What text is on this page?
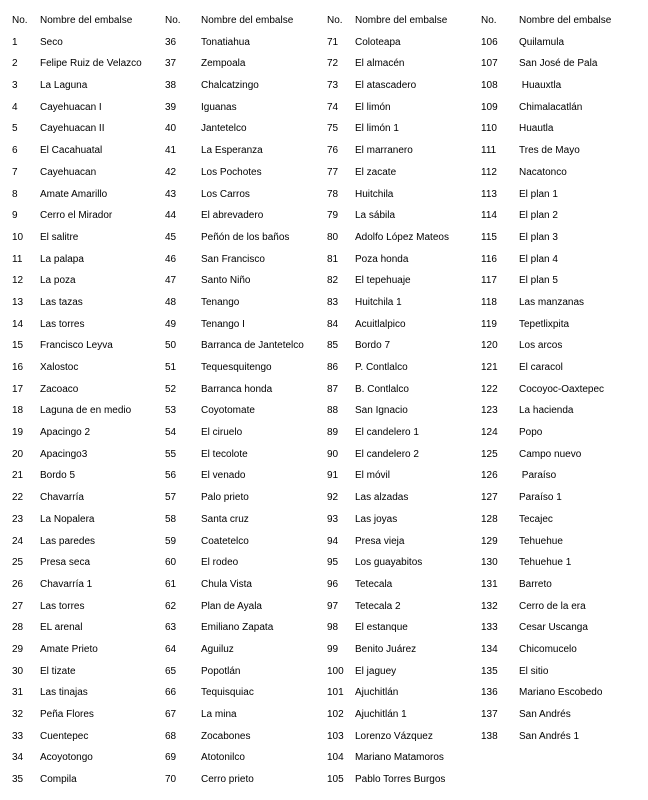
No.	Nombre del embalse
1	Seco
2	Felipe Ruiz de Velazco
3	La Laguna
4	Cayehuacan I
5	Cayehuacan II
6	El Cacahuatal
7	Cayehuacan
8	Amate Amarillo
9	Cerro el Mirador
10	El salitre
11	La palapa
12	La poza
13	Las tazas
14	Las torres
15	Francisco Leyva
16	Xalostoc
17	Zacoaco
18	Laguna de en medio
19	Apacingo 2
20	Apacingo3
21	Bordo 5
22	Chavarría
23	La Nopalera
24	Las paredes
25	Presa seca
26	Chavarría 1
27	Las torres
28	EL arenal
29	Amate Prieto
30	El tizate
31	Las tinajas
32	Peña Flores
33	Cuentepec
34	Acoyotongo
35	Compila
No.	Nombre del embalse
36	Tonatiahua
37	Zempoala
38	Chalcatzingo
39	Iguanas
40	Jantetelco
41	La Esperanza
42	Los Pochotes
43	Los Carros
44	El abrevadero
45	Peñón de los baños
46	San Francisco
47	Santo Niño
48	Tenango
49	Tenango I
50	Barranca de Jantetelco
51	Tequesquitengo
52	Barranca honda
53	Coyotomate
54	El ciruelo
55	El tecolote
56	El venado
57	Palo prieto
58	Santa cruz
59	Coatetelco
60	El rodeo
61	Chula Vista
62	Plan de Ayala
63	Emiliano Zapata
64	Aguiluz
65	Popotlán
66	Tequisquiac
67	La mina
68	Zocabones
69	Atotonilco
70	Cerro prieto
No.	Nombre del embalse
71	Coloteapa
72	El almacén
73	El atascadero
74	El limón
75	El limón 1
76	El marranero
77	El zacate
78	Huitchila
79	La sábila
80	Adolfo López Mateos
81	Poza honda
82	El tepehuaje
83	Huitchila 1
84	Acuitlalpico
85	Bordo 7
86	P. Contlalco
87	B. Contlalco
88	San Ignacio
89	El candelero 1
90	El candelero 2
91	El móvil
92	Las alzadas
93	Las joyas
94	Presa vieja
95	Los guayabitos
96	Tetecala
97	Tetecala 2
98	El estanque
99	Benito Juárez
100	El jaguey
101	Ajuchitlán
102	Ajuchitlán 1
103	Lorenzo Vázquez
104	Mariano Matamoros
105	Pablo Torres Burgos
No.	Nombre del embalse
106	Quilamula
107	San José de Pala
108	Huauxtla
109	Chimalacatlán
110	Huautla
111	Tres de Mayo
112	Nacatonco
113	El plan 1
114	El plan 2
115	El plan 3
116	El plan 4
117	El plan 5
118	Las manzanas
119	Tepetlixpita
120	Los arcos
121	El caracol
122	Cocoyoc-Oaxtepec
123	La hacienda
124	Popo
125	Campo nuevo
126	Paraíso
127	Paraíso 1
128	Tecajec
129	Tehuehue
130	Tehuehue 1
131	Barreto
132	Cerro de la era
133	Cesar Uscanga
134	Chicomucelo
135	El sitio
136	Mariano Escobedo
137	San Andrés
138	San Andrés 1
